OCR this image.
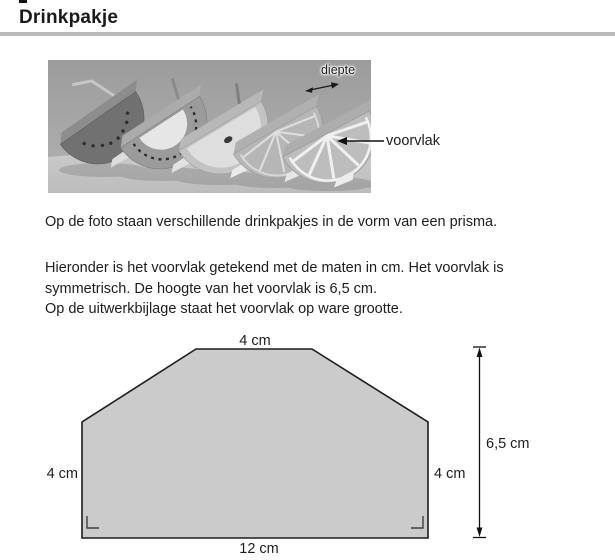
Drinkpakje
diepte
voorvlak
Op de foto staan verschillende drinkpakjes in de vorm van een prisma.
Hieronder is het voorvlak getekend met de maten in cm. Het voorvlak is
symmetrisch. De hoogte van het voorvlak is 6,5 cm.
Op de uitwerkbijlage staat het voorvlak op ware grootte.
4 cm
4 cm	4 cm
12 cm
6,5 cm
